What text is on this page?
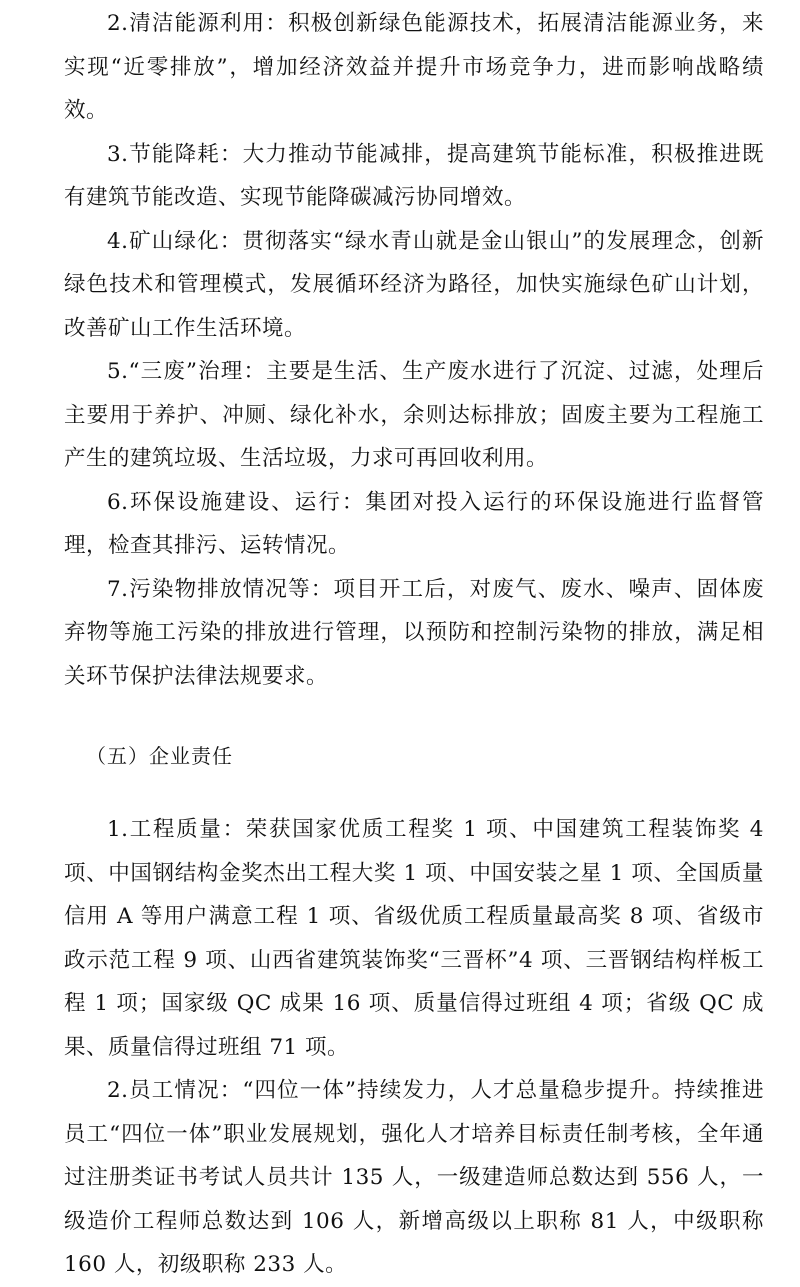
2.清洁能源利用：积极创新绿色能源技术，拓展清洁能源业务，来实现“近零排放”，增加经济效益并提升市场竞争力，进而影响战略绩效。

3.节能降耗：大力推动节能减排，提高建筑节能标准，积极推进既有建筑节能改造、实现节能降碳减污协同增效。

4.矿山绿化：贯彻落实“绿水青山就是金山银山”的发展理念，创新绿色技术和管理模式，发展循环经济为路径，加快实施绿色矿山计划，改善矿山工作生活环境。

5.“三废”治理：主要是生活、生产废水进行了沉淀、过滤，处理后主要用于养护、冲厕、绿化补水，余则达标排放；固废主要为工程施工产生的建筑垃圾、生活垃圾，力求可再回收利用。

6.环保设施建设、运行：集团对投入运行的环保设施进行监督管理，检查其排污、运转情况。

7.污染物排放情况等：项目开工后，对废气、废水、噪声、固体废弃物等施工污染的排放进行管理，以预防和控制污染物的排放，满足相关环节保护法律法规要求。

（五）企业责任

1.工程质量：荣获国家优质工程奖 1 项、中国建筑工程装饰奖 4 项、中国钢结构金奖杰出工程大奖 1 项、中国安装之星 1 项、全国质量信用 A 等用户满意工程 1 项、省级优质工程质量最高奖 8 项、省级市政示范工程 9 项、山西省建筑装饰奖“三晋杯”4 项、三晋钢结构样板工程 1 项；国家级 QC 成果 16 项、质量信得过班组 4 项；省级 QC 成果、质量信得过班组 71 项。

2.员工情况：“四位一体”持续发力，人才总量稳步提升。持续推进员工“四位一体”职业发展规划，强化人才培养目标责任制考核，全年通过注册类证书考试人员共计 135 人，一级建造师总数达到 556 人，一级造价工程师总数达到 106 人，新增高级以上职称 81 人，中级职称 160 人，初级职称 233 人。
